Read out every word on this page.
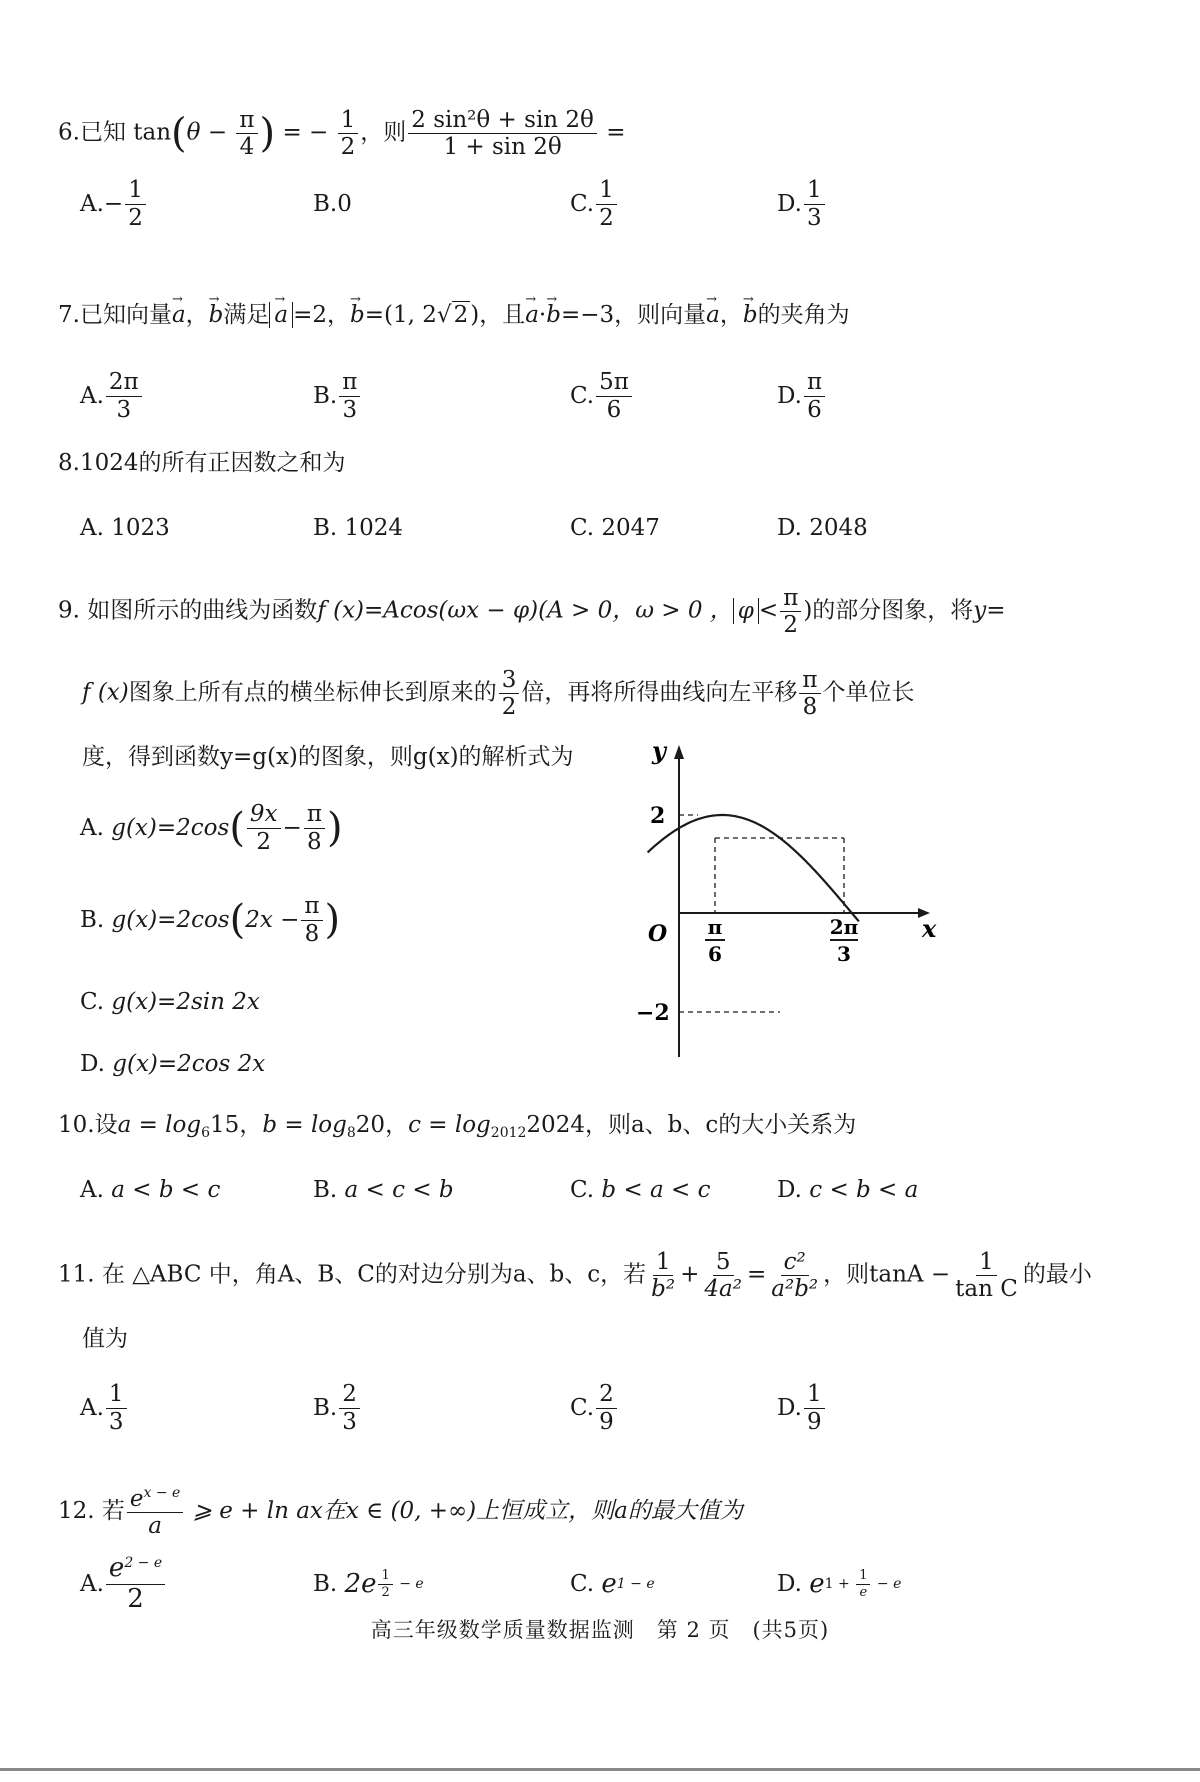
6.已知 $\tan(\theta - \frac{\pi}{4}$ ) = − $\frac{1}{2}$ ，则 $\frac{\text{2 sin²θ + sin 2θ}}{1 + \sin 2\theta}$ =
A. − $\frac{1}{2}$	B. 0	C. $\frac{1}{2}$	D. $\frac{1}{3}$
7.已知向量→ a，→ b满足→ a =2，→ b=(1, 2√2)，且→ a·→ b=−3，则向量→ a，→ b的夹角为
A. $\frac{2\pi}{3}$	B. $\frac{\pi}{3}$	C. $\frac{5\pi}{6}$	D. $\frac{\pi}{6}$
8.1024的所有正因数之和为
A.
1023	B.
1024	C.
2047	D.
2048
9. 如图所示的曲线为函数f (x)=Acos(ωx − φ)(A > 0，ω > 0 ， $\varphi < \frac{\pi}{2}$ )的部分图象，将y=
f (x)图象上所有点的横坐标伸长到原来的 $\frac{3}{2}$ 倍，再将所得曲线向左平移 $\frac{\pi}{8}$ 个单位长
度，得到函数y=g(x)的图象，则g(x)的解析式为
A.
g(x)=2cos ( $\frac{9x}{2} - \frac{\pi}{8}$ )
B.
g(x)=2cos ( $2x - \frac{\pi}{8}$ )
C.
g(x)=2sin 2x
D.
g(x)=2cos 2x
y
x
O
2
−2
π
6
2π
3
10.设$a = \log_615$，$b = \log_820$，$c = \log_{2012}2024$，则a、b、c的大小关系为
A.
a < b < c	B.
a < c < b	C.
b < a < c	D.
c < b < a
11. 在 △ABC 中，角A、B、C的对边分别为a、b、c，若 $\frac{1}{\text{b²}} + \frac{5}{\text{4a²}} = \frac{\text{c²}}{\text{a²b²}}$ ，则$\tan A - \frac{1}{\text{tan C}}$ 的最小
值为
A. $\frac{1}{3}$	B. $\frac{2}{3}$	C. $\frac{2}{9}$	D. $\frac{1}{9}$
12. 若 $\frac{e^{x - e}}{a}$ ⩾ e + ln ax在x ∈ (0, +∞)上恒成立，则a的最大值为
A. $\frac{e^{2 - e}}{2}$	B.
$2e \frac{1}{2} - e$	C.
e 1 − e	D.
e $1 + \frac{1}{e} - e$
高三年级数学质量数据监测　第 2 页　(共5页)
